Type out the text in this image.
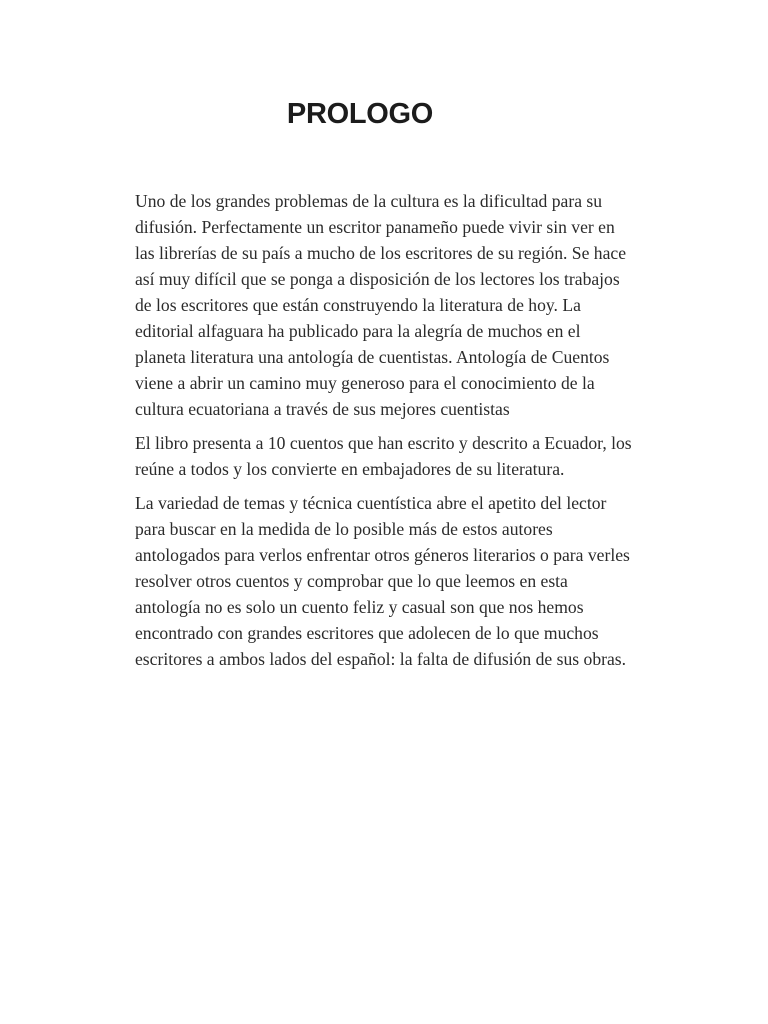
PROLOGO

Uno de los grandes problemas de la cultura es la dificultad para su difusión. Perfectamente un escritor panameño puede vivir sin ver en las librerías de su país a mucho de los escritores de su región. Se hace así muy difícil que se ponga a disposición de los lectores los trabajos de los escritores que están construyendo la literatura de hoy. La editorial alfaguara ha publicado para la alegría de muchos en el planeta literatura una antología de cuentistas. Antología de Cuentos viene a abrir un camino muy generoso para el conocimiento de la cultura ecuatoriana a través de sus mejores cuentistas

El libro presenta a 10 cuentos que han escrito y descrito a Ecuador, los reúne a todos y los convierte en embajadores de su literatura.

La variedad de temas y técnica cuentística abre el apetito del lector para buscar en la medida de lo posible más de estos autores antologados para verlos enfrentar otros géneros literarios o para verles resolver otros cuentos y comprobar que lo que leemos en esta antología no es solo un cuento feliz y casual son que nos hemos encontrado con grandes escritores que adolecen de lo que muchos escritores a ambos lados del español: la falta de difusión de sus obras.
